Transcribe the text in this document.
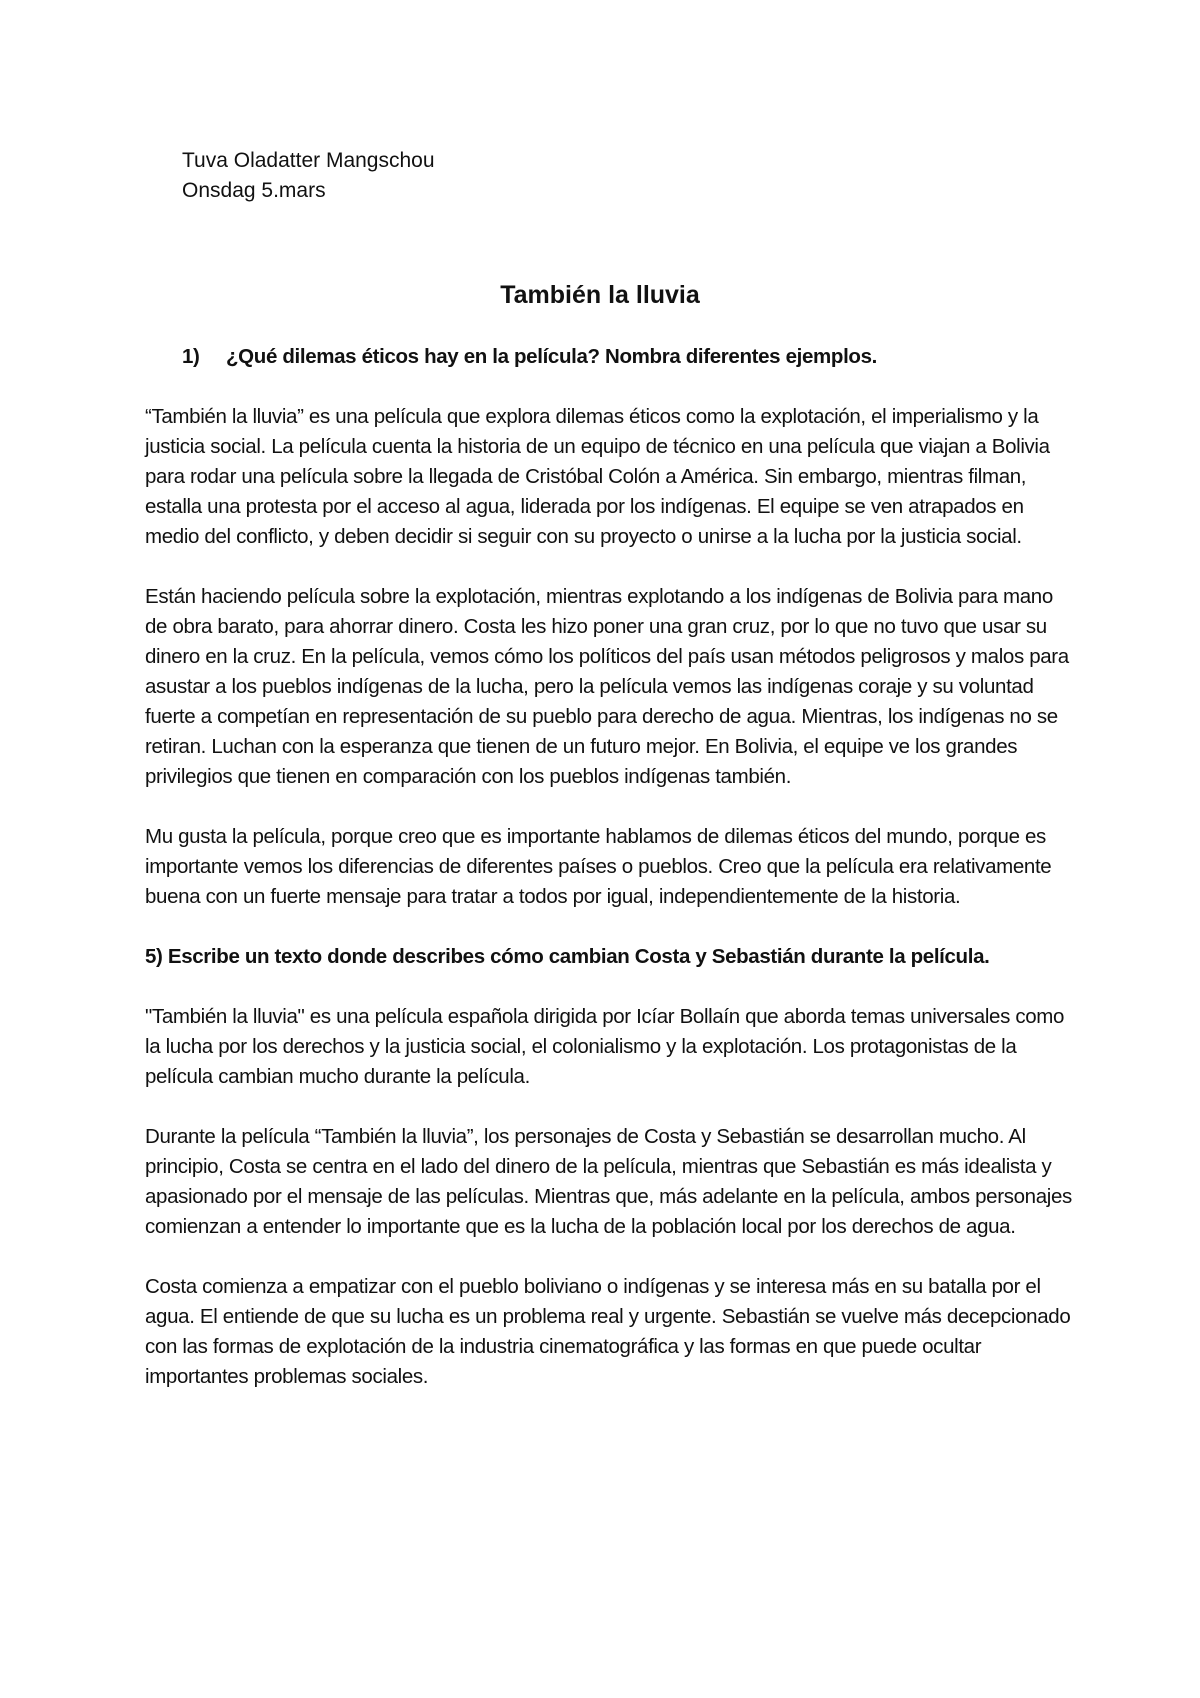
Tuva Oladatter Mangschou
Onsdag 5.mars
También la lluvia

1)	¿Qué dilemas éticos hay en la película? Nombra diferentes ejemplos.

“También la lluvia” es una película que explora dilemas éticos como la explotación, el imperialismo y la justicia social. La película cuenta la historia de un equipo de técnico en una película que viajan a Bolivia para rodar una película sobre la llegada de Cristóbal Colón a América. Sin embargo, mientras filman, estalla una protesta por el acceso al agua, liderada por los indígenas. El equipe se ven atrapados en medio del conflicto, y deben decidir si seguir con su proyecto o unirse a la lucha por la justicia social.

Están haciendo película sobre la explotación, mientras explotando a los indígenas de Bolivia para mano de obra barato, para ahorrar dinero. Costa les hizo poner una gran cruz, por lo que no tuvo que usar su dinero en la cruz. En la película, vemos cómo los políticos del país usan métodos peligrosos y malos para asustar a los pueblos indígenas de la lucha, pero la película vemos las indígenas coraje y su voluntad fuerte a competían en representación de su pueblo para derecho de agua. Mientras, los indígenas no se retiran. Luchan con la esperanza que tienen de un futuro mejor. En Bolivia, el equipe ve los grandes privilegios que tienen en comparación con los pueblos indígenas también.

Mu gusta la película, porque creo que es importante hablamos de dilemas éticos del mundo, porque es importante vemos los diferencias de diferentes países o pueblos. Creo que la película era relativamente buena con un fuerte mensaje para tratar a todos por igual, independientemente de la historia.

5) Escribe un texto donde describes cómo cambian Costa y Sebastián durante la película.

"También la lluvia" es una película española dirigida por Icíar Bollaín que aborda temas universales como la lucha por los derechos y la justicia social, el colonialismo y la explotación. Los protagonistas de la película cambian mucho durante la película.

Durante la película “También la lluvia”, los personajes de Costa y Sebastián se desarrollan mucho. Al principio, Costa se centra en el lado del dinero de la película, mientras que Sebastián es más idealista y apasionado por el mensaje de las películas. Mientras que, más adelante en la película, ambos personajes comienzan a entender lo importante que es la lucha de la población local por los derechos de agua.

Costa comienza a empatizar con el pueblo boliviano o indígenas y se interesa más en su batalla por el agua. El entiende de que su lucha es un problema real y urgente. Sebastián se vuelve más decepcionado con las formas de explotación de la industria cinematográfica y las formas en que puede ocultar importantes problemas sociales.
